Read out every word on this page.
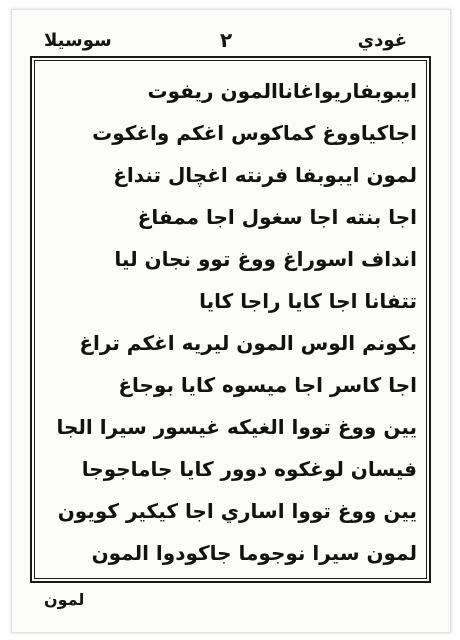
سوسيلا	٢	غودي
ايبوبفاريواغاناالمون ريفوت
اجاكياووغ كماكوس اغكم واغكوت
لمون ايبوبفا فرنته اغچال تنداغ
اجا بنته اجا سغول اجا ممفاغ
انداف اسوراغ ووغ توو نجان ليا
تتفانا اجا كايا راجا كايا
بكونم الوس المون ليريه اغكم تراغ
اجا كاسر اجا ميسوه كايا بوجاغ
يين ووغ تووا الغيكه غيسور سيرا الجا
فيسان لوغكوه دوور كايا جاماجوجا
يين ووغ تووا اساري اجا كيكير كويون
لمون سيرا نوجوما جاكودوا المون
لمون
